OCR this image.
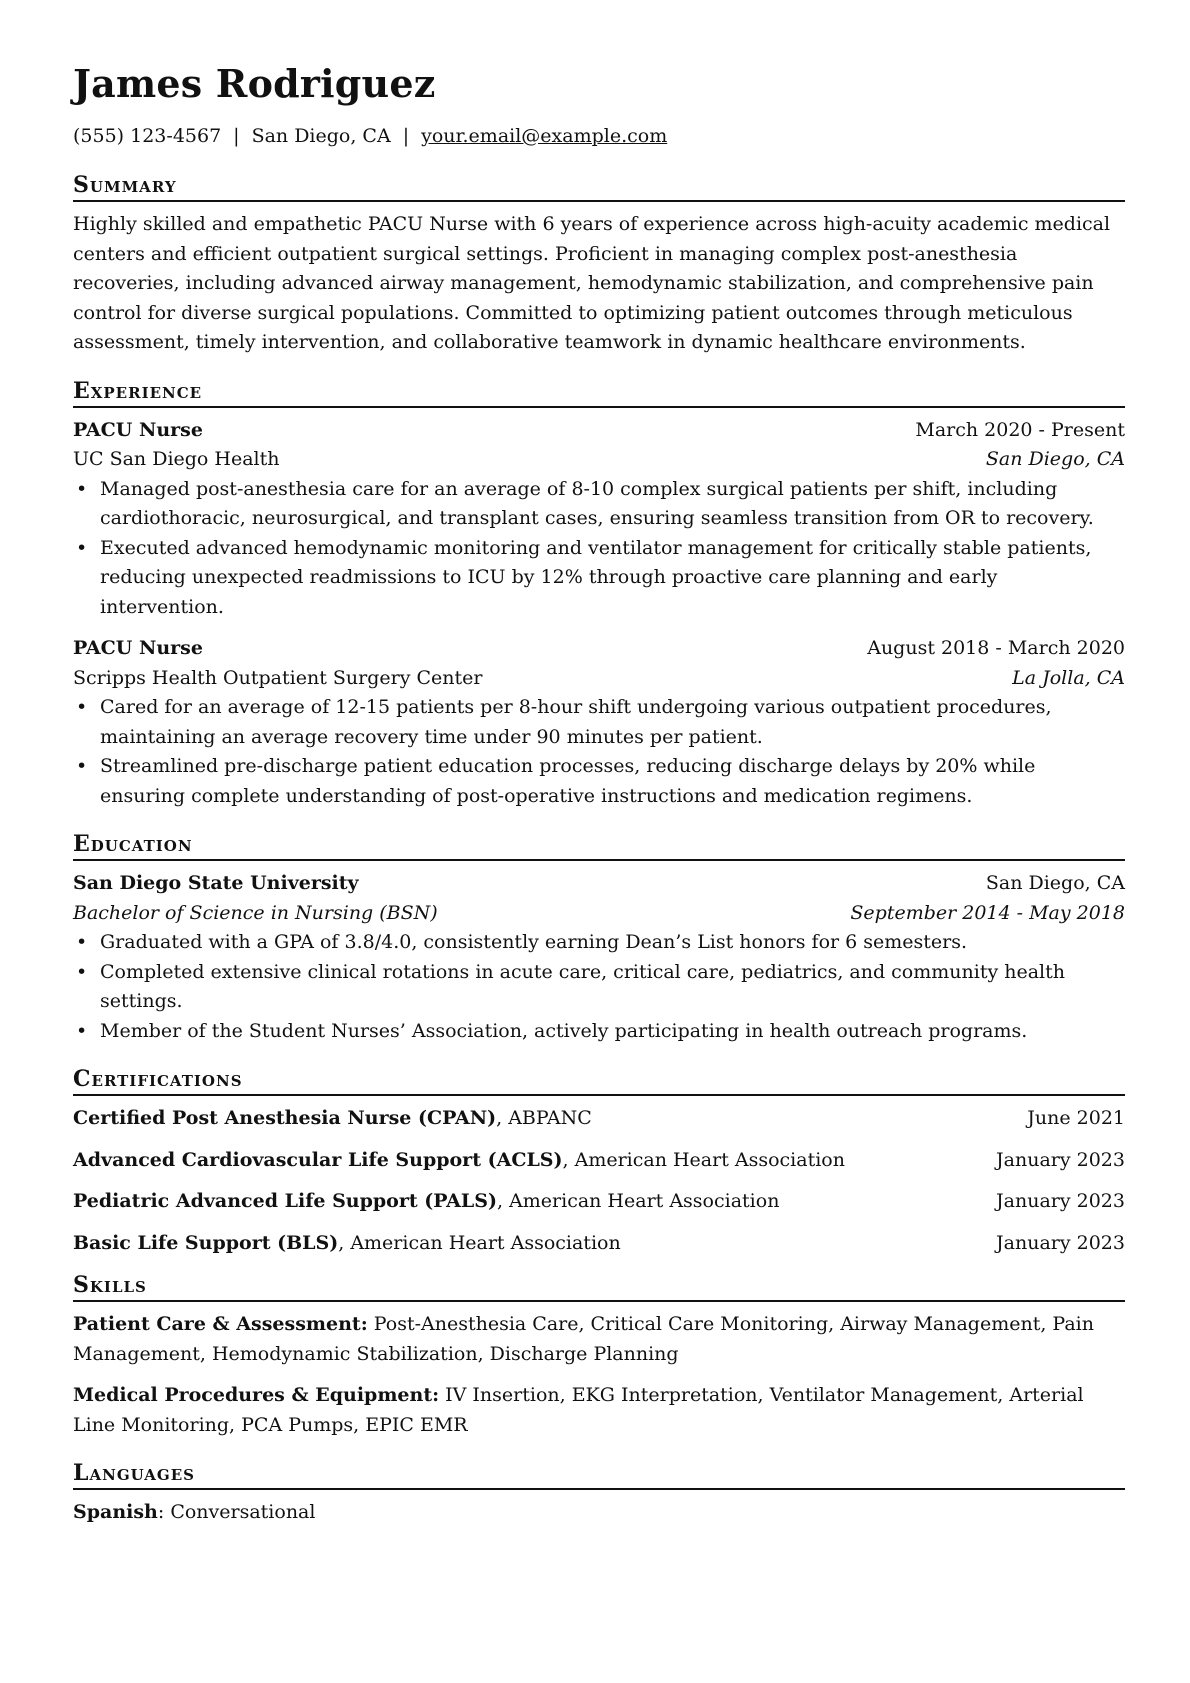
James Rodriguez
(555) 123-4567 | San Diego, CA | your.email@example.com
Summary
Highly skilled and empathetic PACU Nurse with 6 years of experience across high-acuity academic medical centers and efficient outpatient surgical settings. Proficient in managing complex post-anesthesia recoveries, including advanced airway management, hemodynamic stabilization, and comprehensive pain control for diverse surgical populations. Committed to optimizing patient outcomes through meticulous assessment, timely intervention, and collaborative teamwork in dynamic healthcare environments.
Experience
PACU Nurse	March 2020 - Present
UC San Diego Health	San Diego, CA
• Managed post-anesthesia care for an average of 8-10 complex surgical patients per shift, including cardiothoracic, neurosurgical, and transplant cases, ensuring seamless transition from OR to recovery.
• Executed advanced hemodynamic monitoring and ventilator management for critically stable patients, reducing unexpected readmissions to ICU by 12% through proactive care planning and early intervention.
PACU Nurse	August 2018 - March 2020
Scripps Health Outpatient Surgery Center	La Jolla, CA
• Cared for an average of 12-15 patients per 8-hour shift undergoing various outpatient procedures, maintaining an average recovery time under 90 minutes per patient.
• Streamlined pre-discharge patient education processes, reducing discharge delays by 20% while ensuring complete understanding of post-operative instructions and medication regimens.
Education
San Diego State University	San Diego, CA
Bachelor of Science in Nursing (BSN)	September 2014 - May 2018
• Graduated with a GPA of 3.8/4.0, consistently earning Dean’s List honors for 6 semesters.
• Completed extensive clinical rotations in acute care, critical care, pediatrics, and community health settings.
• Member of the Student Nurses’ Association, actively participating in health outreach programs.
Certifications
Certified Post Anesthesia Nurse (CPAN), ABPANC	June 2021
Advanced Cardiovascular Life Support (ACLS), American Heart Association	January 2023
Pediatric Advanced Life Support (PALS), American Heart Association	January 2023
Basic Life Support (BLS), American Heart Association	January 2023
Skills
Patient Care & Assessment: Post-Anesthesia Care, Critical Care Monitoring, Airway Management, Pain Management, Hemodynamic Stabilization, Discharge Planning
Medical Procedures & Equipment: IV Insertion, EKG Interpretation, Ventilator Management, Arterial Line Monitoring, PCA Pumps, EPIC EMR
Languages
Spanish: Conversational
